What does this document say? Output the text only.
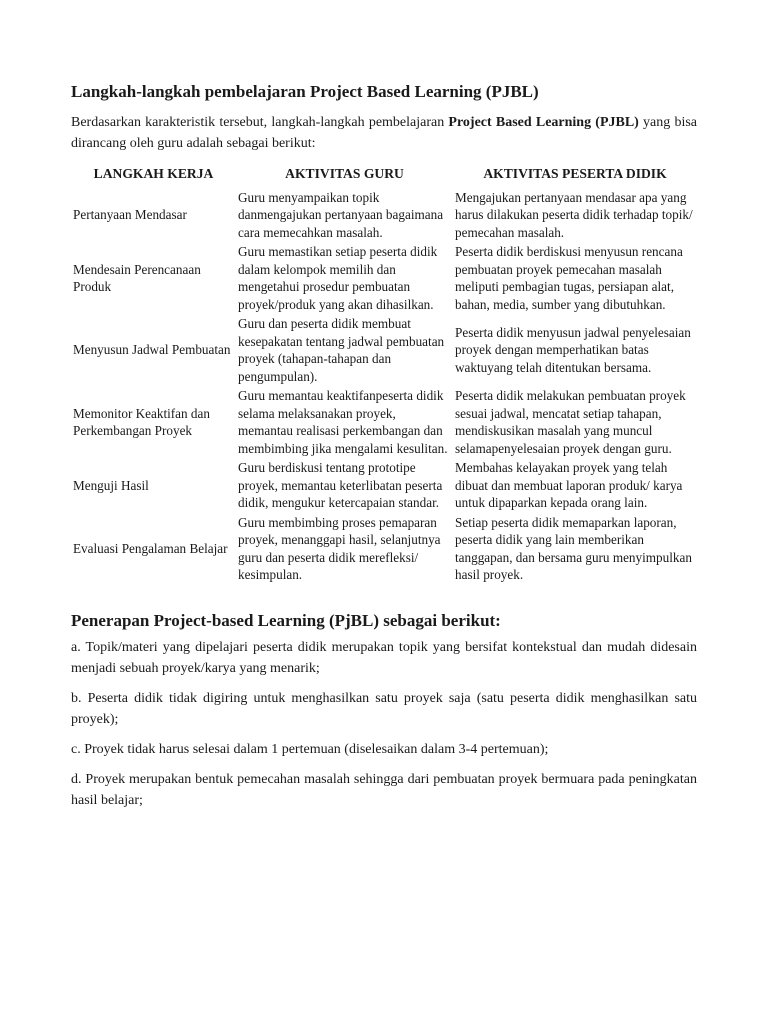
Langkah-langkah pembelajaran Project Based Learning (PJBL)

Berdasarkan karakteristik tersebut, langkah-langkah pembelajaran Project Based Learning (PJBL) yang bisa dirancang oleh guru adalah sebagai berikut:

LANGKAH KERJA	AKTIVITAS GURU	AKTIVITAS PESERTA DIDIK
Pertanyaan Mendasar	Guru menyampaikan topik danmengajukan pertanyaan bagaimana cara memecahkan masalah.	Mengajukan pertanyaan mendasar apa yang harus dilakukan peserta didik terhadap topik/ pemecahan masalah.
Mendesain Perencanaan Produk	Guru memastikan setiap peserta didik dalam kelompok memilih dan mengetahui prosedur pembuatan proyek/produk yang akan dihasilkan.	Peserta didik berdiskusi menyusun rencana pembuatan proyek pemecahan masalah meliputi pembagian tugas, persiapan alat, bahan, media, sumber yang dibutuhkan.
Menyusun Jadwal Pembuatan	Guru dan peserta didik membuat kesepakatan tentang jadwal pembuatan proyek (tahapan-tahapan dan pengumpulan).	Peserta didik menyusun jadwal penyelesaian proyek dengan memperhatikan batas waktuyang telah ditentukan bersama.
Memonitor Keaktifan dan Perkembangan Proyek	Guru memantau keaktifanpeserta didik selama melaksanakan proyek, memantau realisasi perkembangan dan membimbing jika mengalami kesulitan.	Peserta didik melakukan pembuatan proyek sesuai jadwal, mencatat setiap tahapan, mendiskusikan masalah yang muncul selamapenyelesaian proyek dengan guru.
Menguji Hasil	Guru berdiskusi tentang prototipe proyek, memantau keterlibatan peserta didik, mengukur ketercapaian standar.	Membahas kelayakan proyek yang telah dibuat dan membuat laporan produk/ karya untuk dipaparkan kepada orang lain.
Evaluasi Pengalaman Belajar	Guru membimbing proses pemaparan proyek, menanggapi hasil, selanjutnya guru dan peserta didik merefleksi/ kesimpulan.	Setiap peserta didik memaparkan laporan, peserta didik yang lain memberikan tanggapan, dan bersama guru menyimpulkan hasil proyek.
Penerapan Project-based Learning (PjBL) sebagai berikut:

a. Topik/materi yang dipelajari peserta didik merupakan topik yang bersifat kontekstual dan mudah didesain menjadi sebuah proyek/karya yang menarik;

b. Peserta didik tidak digiring untuk menghasilkan satu proyek saja (satu peserta didik menghasilkan satu proyek);

c. Proyek tidak harus selesai dalam 1 pertemuan (diselesaikan dalam 3-4 pertemuan);

d. Proyek merupakan bentuk pemecahan masalah sehingga dari pembuatan proyek bermuara pada peningkatan hasil belajar;
